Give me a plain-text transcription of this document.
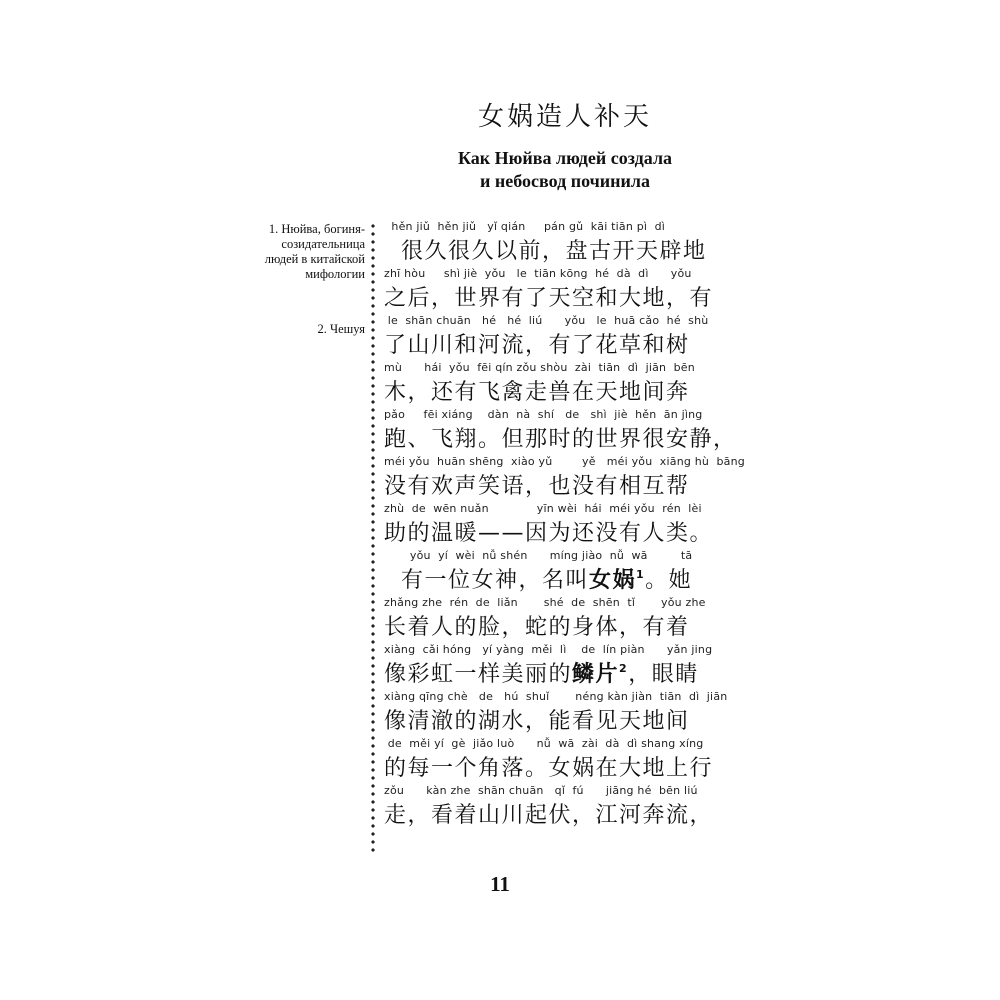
女娲造人补天
Как Нюйва людей создала
и небосвод починила
1. Нюйва, богиня-
созидательница
людей в китайской
мифологии
2. Чешуя
hěn jiǔ  hěn jiǔ   yǐ qián     pán gǔ  kāi tiān pì  dì
很久很久以前，盘古开天辟地
zhī hòu     shì jiè  yǒu   le  tiān kōng  hé  dà  dì      yǒu
之后，世界有了天空和大地，有
le  shān chuān   hé   hé  liú      yǒu   le  huā cǎo  hé  shù
了山川和河流，有了花草和树
mù      hái  yǒu  fēi qín zǒu shòu  zài  tiān  dì  jiān  bēn
木，还有飞禽走兽在天地间奔
pǎo     fēi xiáng    dàn  nà  shí   de   shì  jiè  hěn  ān jìng
跑、飞翔。但那时的世界很安静，
méi yǒu  huān shēng  xiào yǔ        yě   méi yǒu  xiāng hù  bāng
没有欢声笑语，也没有相互帮
zhù  de  wēn nuǎn             yīn wèi  hái  méi yǒu  rén  lèi
助的温暖——因为还没有人类。
yǒu  yí  wèi  nǚ shén      míng jiào  nǚ  wā         tā
有一位女神，名叫女娲$^1$。她
zhǎng zhe  rén  de  liǎn       shé  de  shēn  tǐ       yǒu zhe
长着人的脸，蛇的身体，有着
xiàng  cǎi hóng   yí yàng  měi  lì    de  lín piàn      yǎn jing
像彩虹一样美丽的鳞片$^2$，眼睛
xiàng qīng chè   de   hú  shuǐ       néng kàn jiàn  tiān  dì  jiān
像清澈的湖水，能看见天地间
de  měi yí  gè  jiǎo luò      nǚ  wā  zài  dà  dì shang xíng
的每一个角落。女娲在大地上行
zǒu      kàn zhe  shān chuān   qǐ  fú      jiāng hé  bēn liú
走，看着山川起伏，江河奔流，
11
